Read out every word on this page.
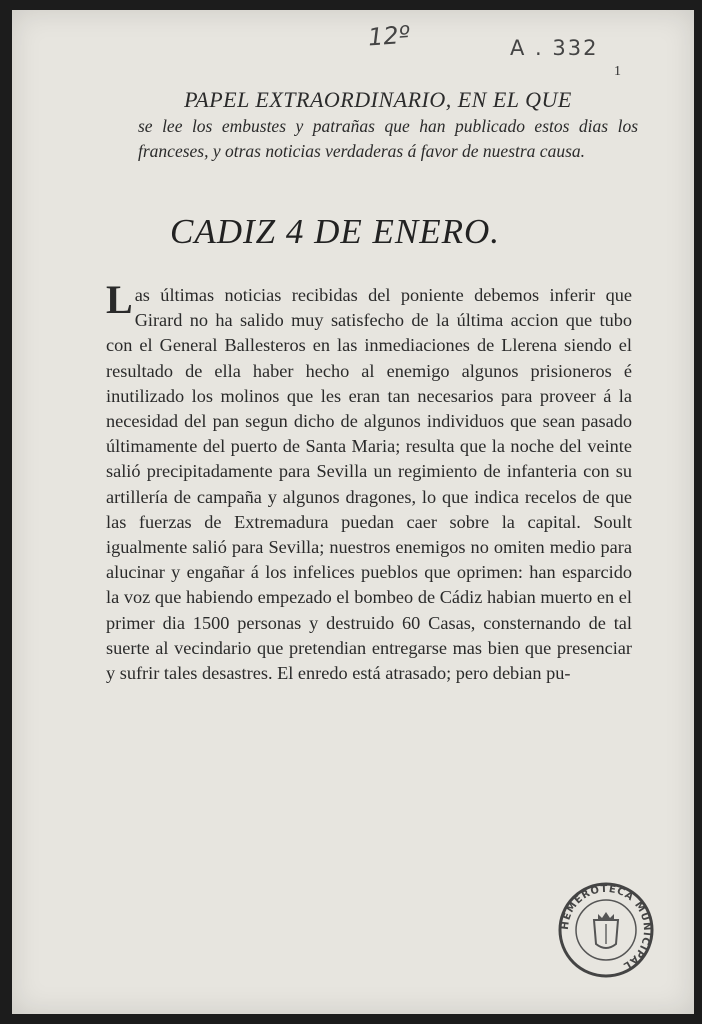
12º	A . 332
1
PAPEL EXTRAORDINARIO, EN EL QUE
se lee los embustes y patrañas que han publicado estos dias los franceses, y otras noticias verdaderas á favor de nuestra causa.
CADIZ 4 DE ENERO.
Las últimas noticias recibidas del poniente debemos inferir que Girard no ha salido muy satisfecho de la última accion que tubo con el General Ballesteros en las inmediaciones de Llerena siendo el resultado de ella haber hecho al enemigo algunos prisioneros é inutilizado los molinos que les eran tan necesarios para proveer á la necesidad del pan segun dicho de algunos individuos que sean pasado últimamente del puerto de Santa Maria; resulta que la noche del veinte salió precipitadamente para Sevilla un regimiento de infanteria con su artillería de campaña y algunos dragones, lo que indica recelos de que las fuerzas de Extremadura puedan caer sobre la capital. Soult igualmente salió para Sevilla; nuestros enemigos no omiten medio para alucinar y engañar á los infelices pueblos que oprimen: han esparcido la voz que habiendo empezado el bombeo de Cádiz habian muerto en el primer dia 1500 personas y destruido 60 Casas, consternando de tal suerte al vecindario que pretendian entregarse mas bien que presenciar y sufrir tales desastres. El enredo está atrasado; pero debian pu-
HEMEROTECA MUNICIPAL
